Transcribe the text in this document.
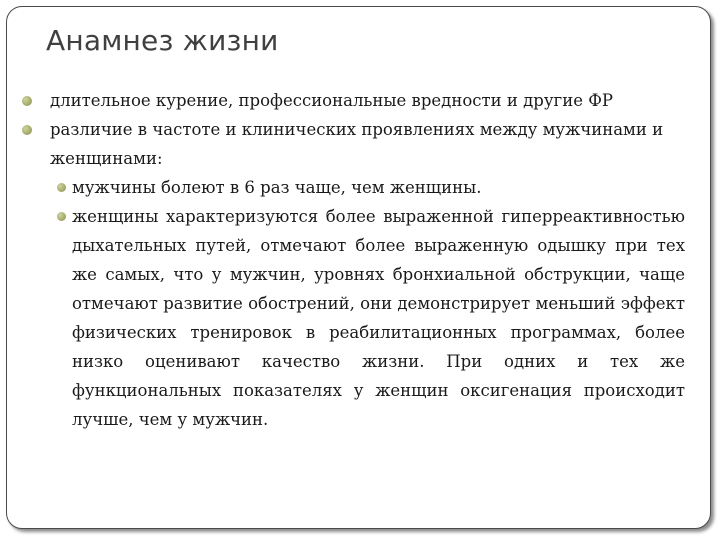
Анамнез жизни
длительное курение, профессиональные вредности и другие ФР
различие в частоте и клинических проявлениях между мужчинами и женщинами:
мужчины болеют в 6 раз чаще, чем женщины.
женщины характеризуются более выраженной гиперреактивностью дыхательных путей, отмечают более выраженную одышку при тех же самых, что у мужчин, уровнях бронхиальной обструкции, чаще отмечают развитие обострений, они демонстрирует меньший эффект физических тренировок в реабилитационных программах, более низко оценивают качество жизни. При одних и тех же функциональных показателях у женщин оксигенация происходит лучше, чем у мужчин.
